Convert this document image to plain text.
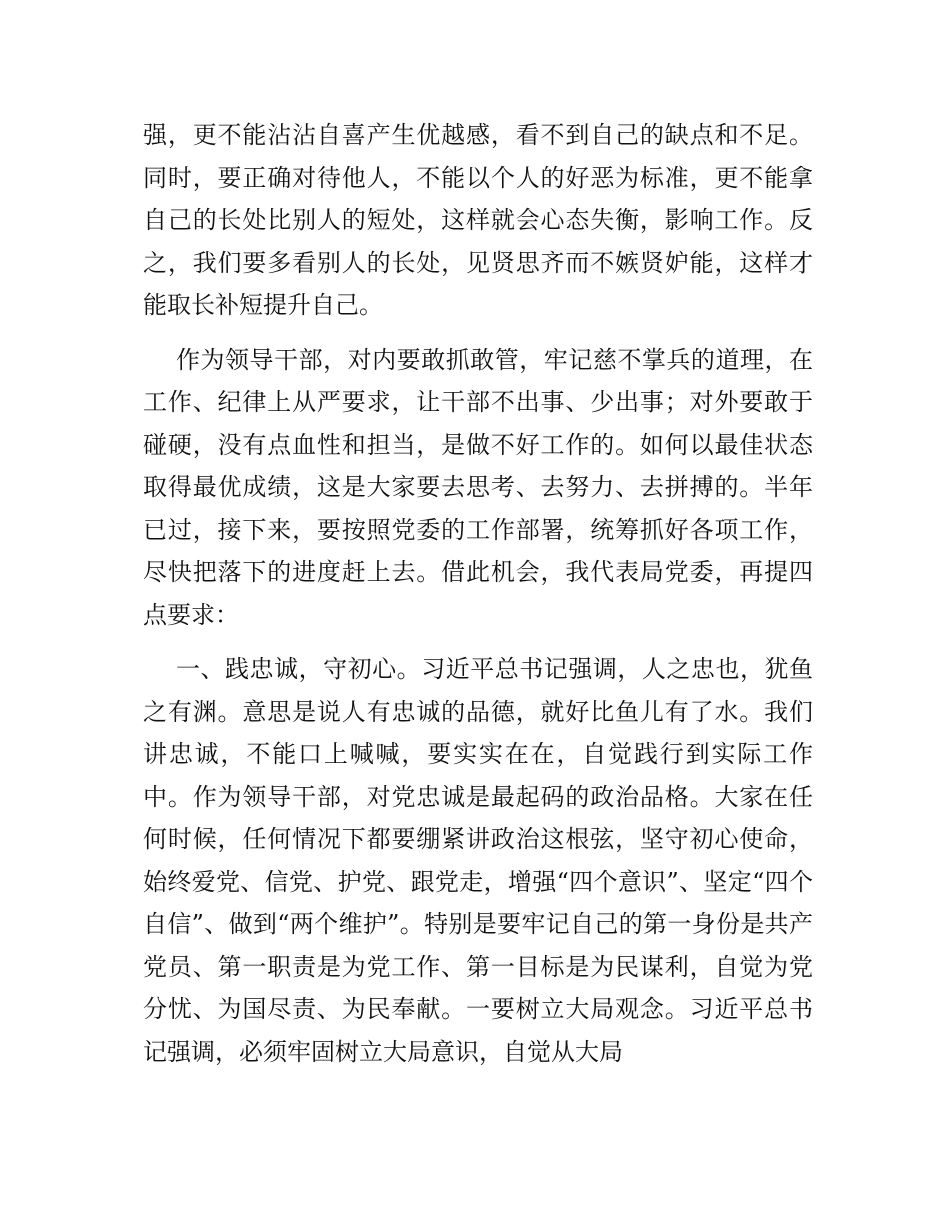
强，更不能沾沾自喜产生优越感，看不到自己的缺点和不足。同时，要正确对待他人，不能以个人的好恶为标准，更不能拿自己的长处比别人的短处，这样就会心态失衡，影响工作。反之，我们要多看别人的长处，见贤思齐而不嫉贤妒能，这样才能取长补短提升自己。

作为领导干部，对内要敢抓敢管，牢记慈不掌兵的道理，在工作、纪律上从严要求，让干部不出事、少出事；对外要敢于碰硬，没有点血性和担当，是做不好工作的。如何以最佳状态取得最优成绩，这是大家要去思考、去努力、去拼搏的。半年已过，接下来，要按照党委的工作部署，统筹抓好各项工作，尽快把落下的进度赶上去。借此机会，我代表局党委，再提四点要求：

一、践忠诚，守初心。习近平总书记强调，人之忠也，犹鱼之有渊。意思是说人有忠诚的品德，就好比鱼儿有了水。我们讲忠诚，不能口上喊喊，要实实在在，自觉践行到实际工作中。作为领导干部，对党忠诚是最起码的政治品格。大家在任何时候，任何情况下都要绷紧讲政治这根弦，坚守初心使命，始终爱党、信党、护党、跟党走，增强“四个意识”、坚定“四个自信”、做到“两个维护”。特别是要牢记自己的第一身份是共产党员、第一职责是为党工作、第一目标是为民谋利，自觉为党分忧、为国尽责、为民奉献。一要树立大局观念。习近平总书记强调，必须牢固树立大局意识，自觉从大局
